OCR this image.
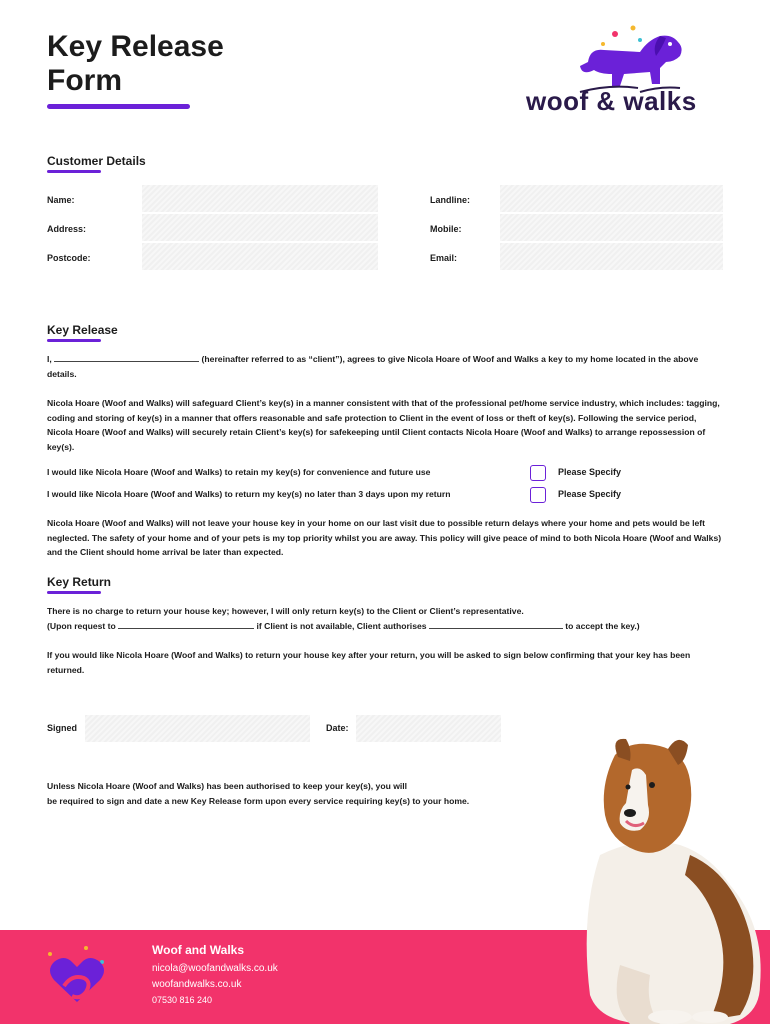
Key Release
Form
woof & walks
Customer Details
Name:
Address:
Postcode:
Landline:
Mobile:
Email:
Key Release
I,	(hereinafter referred to as “client”), agrees to give Nicola Hoare of Woof and Walks a key to my home located in the above details.
Nicola Hoare (Woof and Walks) will safeguard Client’s key(s) in a manner consistent with that of the professional pet/home service industry, which includes: tagging, coding and storing of key(s) in a manner that offers reasonable and safe protection to Client in the event of loss or theft of key(s). Following the service period, Nicola Hoare (Woof and Walks) will securely retain Client’s key(s) for safekeeping until Client contacts Nicola Hoare (Woof and Walks) to arrange repossession of key(s).
I would like Nicola Hoare (Woof and Walks) to retain my key(s) for convenience and future use	Please Specify
I would like Nicola Hoare (Woof and Walks) to return my key(s) no later than 3 days upon my return	Please Specify
Nicola Hoare (Woof and Walks) will not leave your house key in your home on our last visit due to possible return delays where your home and pets would be left neglected. The safety of your home and of your pets is my top priority whilst you are away. This policy will give peace of mind to both Nicola Hoare (Woof and Walks) and the Client should home arrival be later than expected.
Key Return
There is no charge to return your house key; however, I will only return key(s) to the Client or Client’s representative.
(Upon request to	if Client is not available, Client authorises	to accept the key.)
If you would like Nicola Hoare (Woof and Walks) to return your house key after your return, you will be asked to sign below confirming that your key has been returned.
Signed	Date:
Unless Nicola Hoare (Woof and Walks) has been authorised to keep your key(s), you will
be required to sign and date a new Key Release form upon every service requiring key(s) to your home.
Woof and Walks
nicola@woofandwalks.co.uk
woofandwalks.co.uk
07530 816 240
